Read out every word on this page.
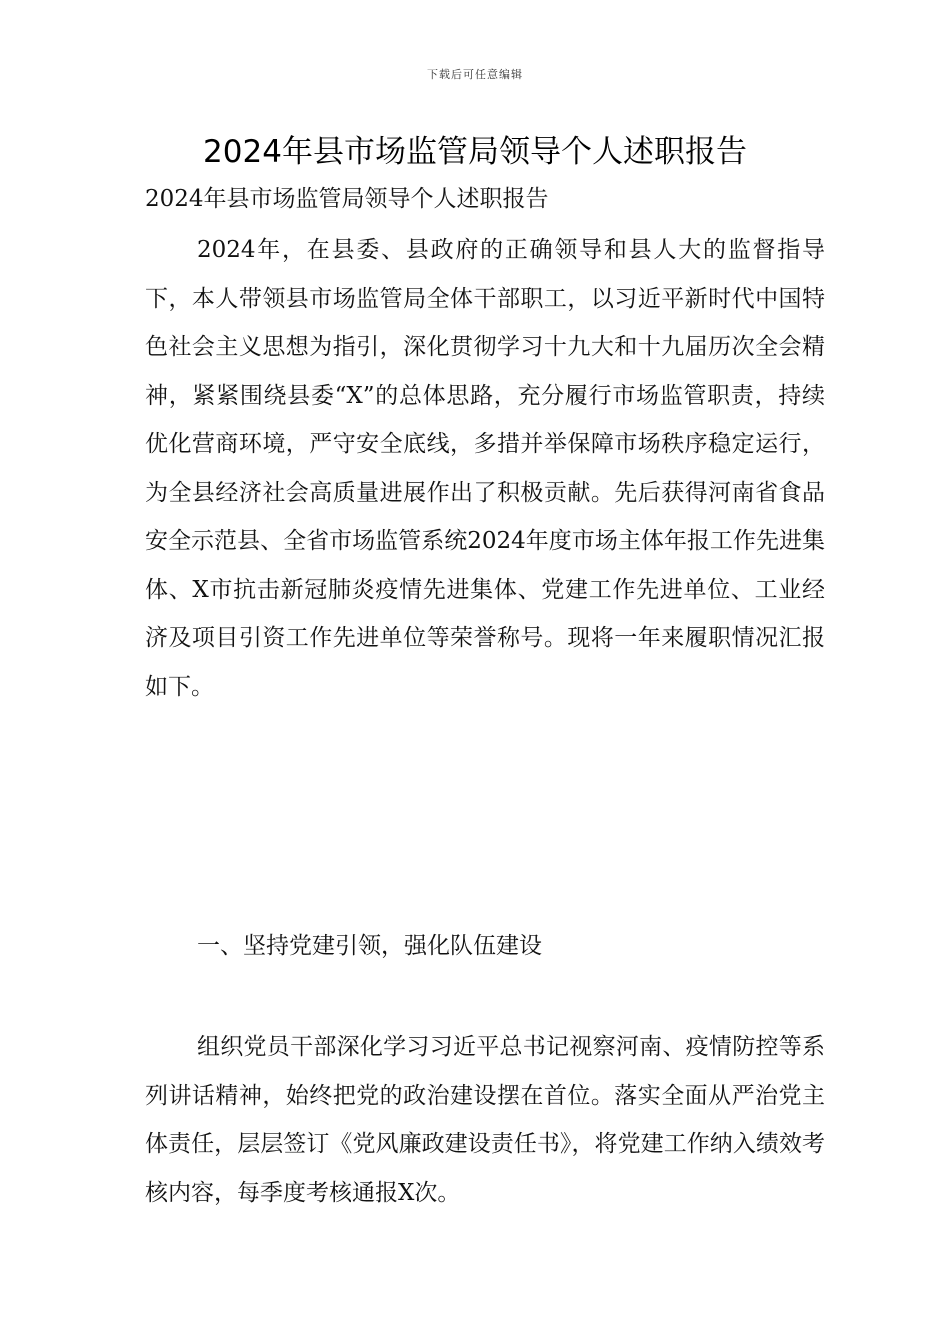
下载后可任意编辑
2024年县市场监管局领导个人述职报告

2024年县市场监管局领导个人述职报告

2024年，在县委、县政府的正确领导和县人大的监督指导下，本人带领县市场监管局全体干部职工，以习近平新时代中国特色社会主义思想为指引，深化贯彻学习十九大和十九届历次全会精神，紧紧围绕县委“X”的总体思路，充分履行市场监管职责，持续优化营商环境，严守安全底线，多措并举保障市场秩序稳定运行，为全县经济社会高质量进展作出了积极贡献。先后获得河南省食品安全示范县、全省市场监管系统2024年度市场主体年报工作先进集体、X市抗击新冠肺炎疫情先进集体、党建工作先进单位、工业经济及项目引资工作先进单位等荣誉称号。现将一年来履职情况汇报如下。

一、坚持党建引领，强化队伍建设

组织党员干部深化学习习近平总书记视察河南、疫情防控等系列讲话精神，始终把党的政治建设摆在首位。落实全面从严治党主体责任，层层签订《党风廉政建设责任书》，将党建工作纳入绩效考核内容，每季度考核通报X次。
